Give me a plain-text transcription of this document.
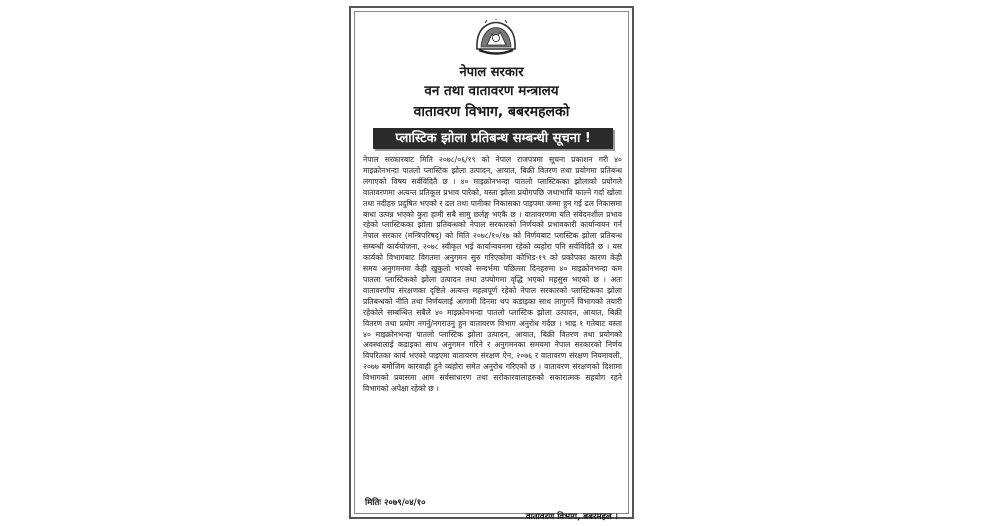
नेपाल सरकार
वन तथा वातावरण मन्त्रालय
वातावरण विभाग, बबरमहलको
प्लास्टिक झोला प्रतिबन्ध सम्बन्धी सूचना !
नेपाल सरकारबाट मिति २०७८/०६/१९ को नेपाल राजपत्रमा सूचना प्रकाशन गरी ४० माइक्रोनभन्दा पातलो प्लास्टिक झोला उत्पादन, आयात, बिक्री वितरण तथा प्रयोगमा प्रतिबन्ध लगाएको विषय सर्वविदितै छ । ४० माइक्रोनभन्दा पातलो प्लास्टिकका झोलाको प्रयोगले वातावरणमा अत्यन्त प्रतिकूल प्रभाव पारेको, यस्ता झोला प्रयोगपछि जथाभावि फाल्ने गर्दा खोला तथा नदीहरु प्रदुषित भएको र ढल तथा पानीका निकासका पाइपमा जम्मा हुन गई ढल निकासमा बाधा उत्पन्न भएको कुरा हामी सबै सामु छर्लङ्ग भएकै छ । वातावरणमा यति संवेदनशील प्रभाव रहेको प्लास्टिकका झोला प्रतिबन्धको नेपाल सरकारको निर्णयको प्रभावकारी कार्यान्वयन गर्न नेपाल सरकार (मन्त्रिपरिषद्) को मिति २०७८/१०/१७ को निर्णयबाट प्लास्टिक झोला प्रतिबन्ध सम्बन्धी कार्ययोजना, २०७८ स्वीकृत भई कार्यान्वयनमा रहेको व्यहोरा पनि सर्वविदितै छ । यस कार्यको विभागबाट विगतमा अनुगमन सुरु गरिएकोमा कोभिड-१९ को प्रकोपका कारण केही समय अनुगमनमा केही खुकुलो भएको सन्दर्भमा पछिल्ला दिनहरुमा ४० माइक्रोनभन्दा कम पातला प्लास्टिकको झोला उत्पादन तथा उपयोगमा वृद्धि भएको महसुस भएको छ । अतः वातावरणीय संरक्षणका दृष्टिले अत्यन्त महत्वपूर्ण रहेको नेपाल सरकारको प्लास्टिकका झोला प्रतिबन्धको नीति तथा निर्णयलाई आगामी दिनमा थप कडाइका साथ लागुगर्ने विभागको तयारी रहेकोले सम्बन्धित सबैले ४० माइक्रोनभन्दा पातलो प्लास्टिक झोला उत्पादन, आयात, बिक्री वितरण तथा प्रयोग नगर्नु/नगराउनु हुन वातावरण विभाग अनुरोध गर्दछ । भाद्र १ गतेबाट यस्ता ४० माइक्रोनभन्दा पातलो प्लास्टिक झोला उत्पादन, आयात, बिक्री वितरण तथा प्रयोगको अवस्थालाई कडाइका साथ अनुगमन गरिने र अनुगमनका समयमा नेपाल सरकारको निर्णय विपरितका कार्य भएको पाइएमा वातावरण संरक्षण ऐन, २०७६ र वातावरण संरक्षण नियमावली, २०७७ बमोजिम कारवाही हुने व्यहोरा समेत अनुरोध गरिएको छ । वातावरण संरक्षणको दिशामा विभागको प्रयासमा आम सर्वसाधारण तथा सरोकारवालाहरुको सकारात्मक सहयोग रहने विभागको अपेक्षा रहेको छ ।
मितिः २०७९/०४/१०
वातावरण विभाग, बबरमहल ।
